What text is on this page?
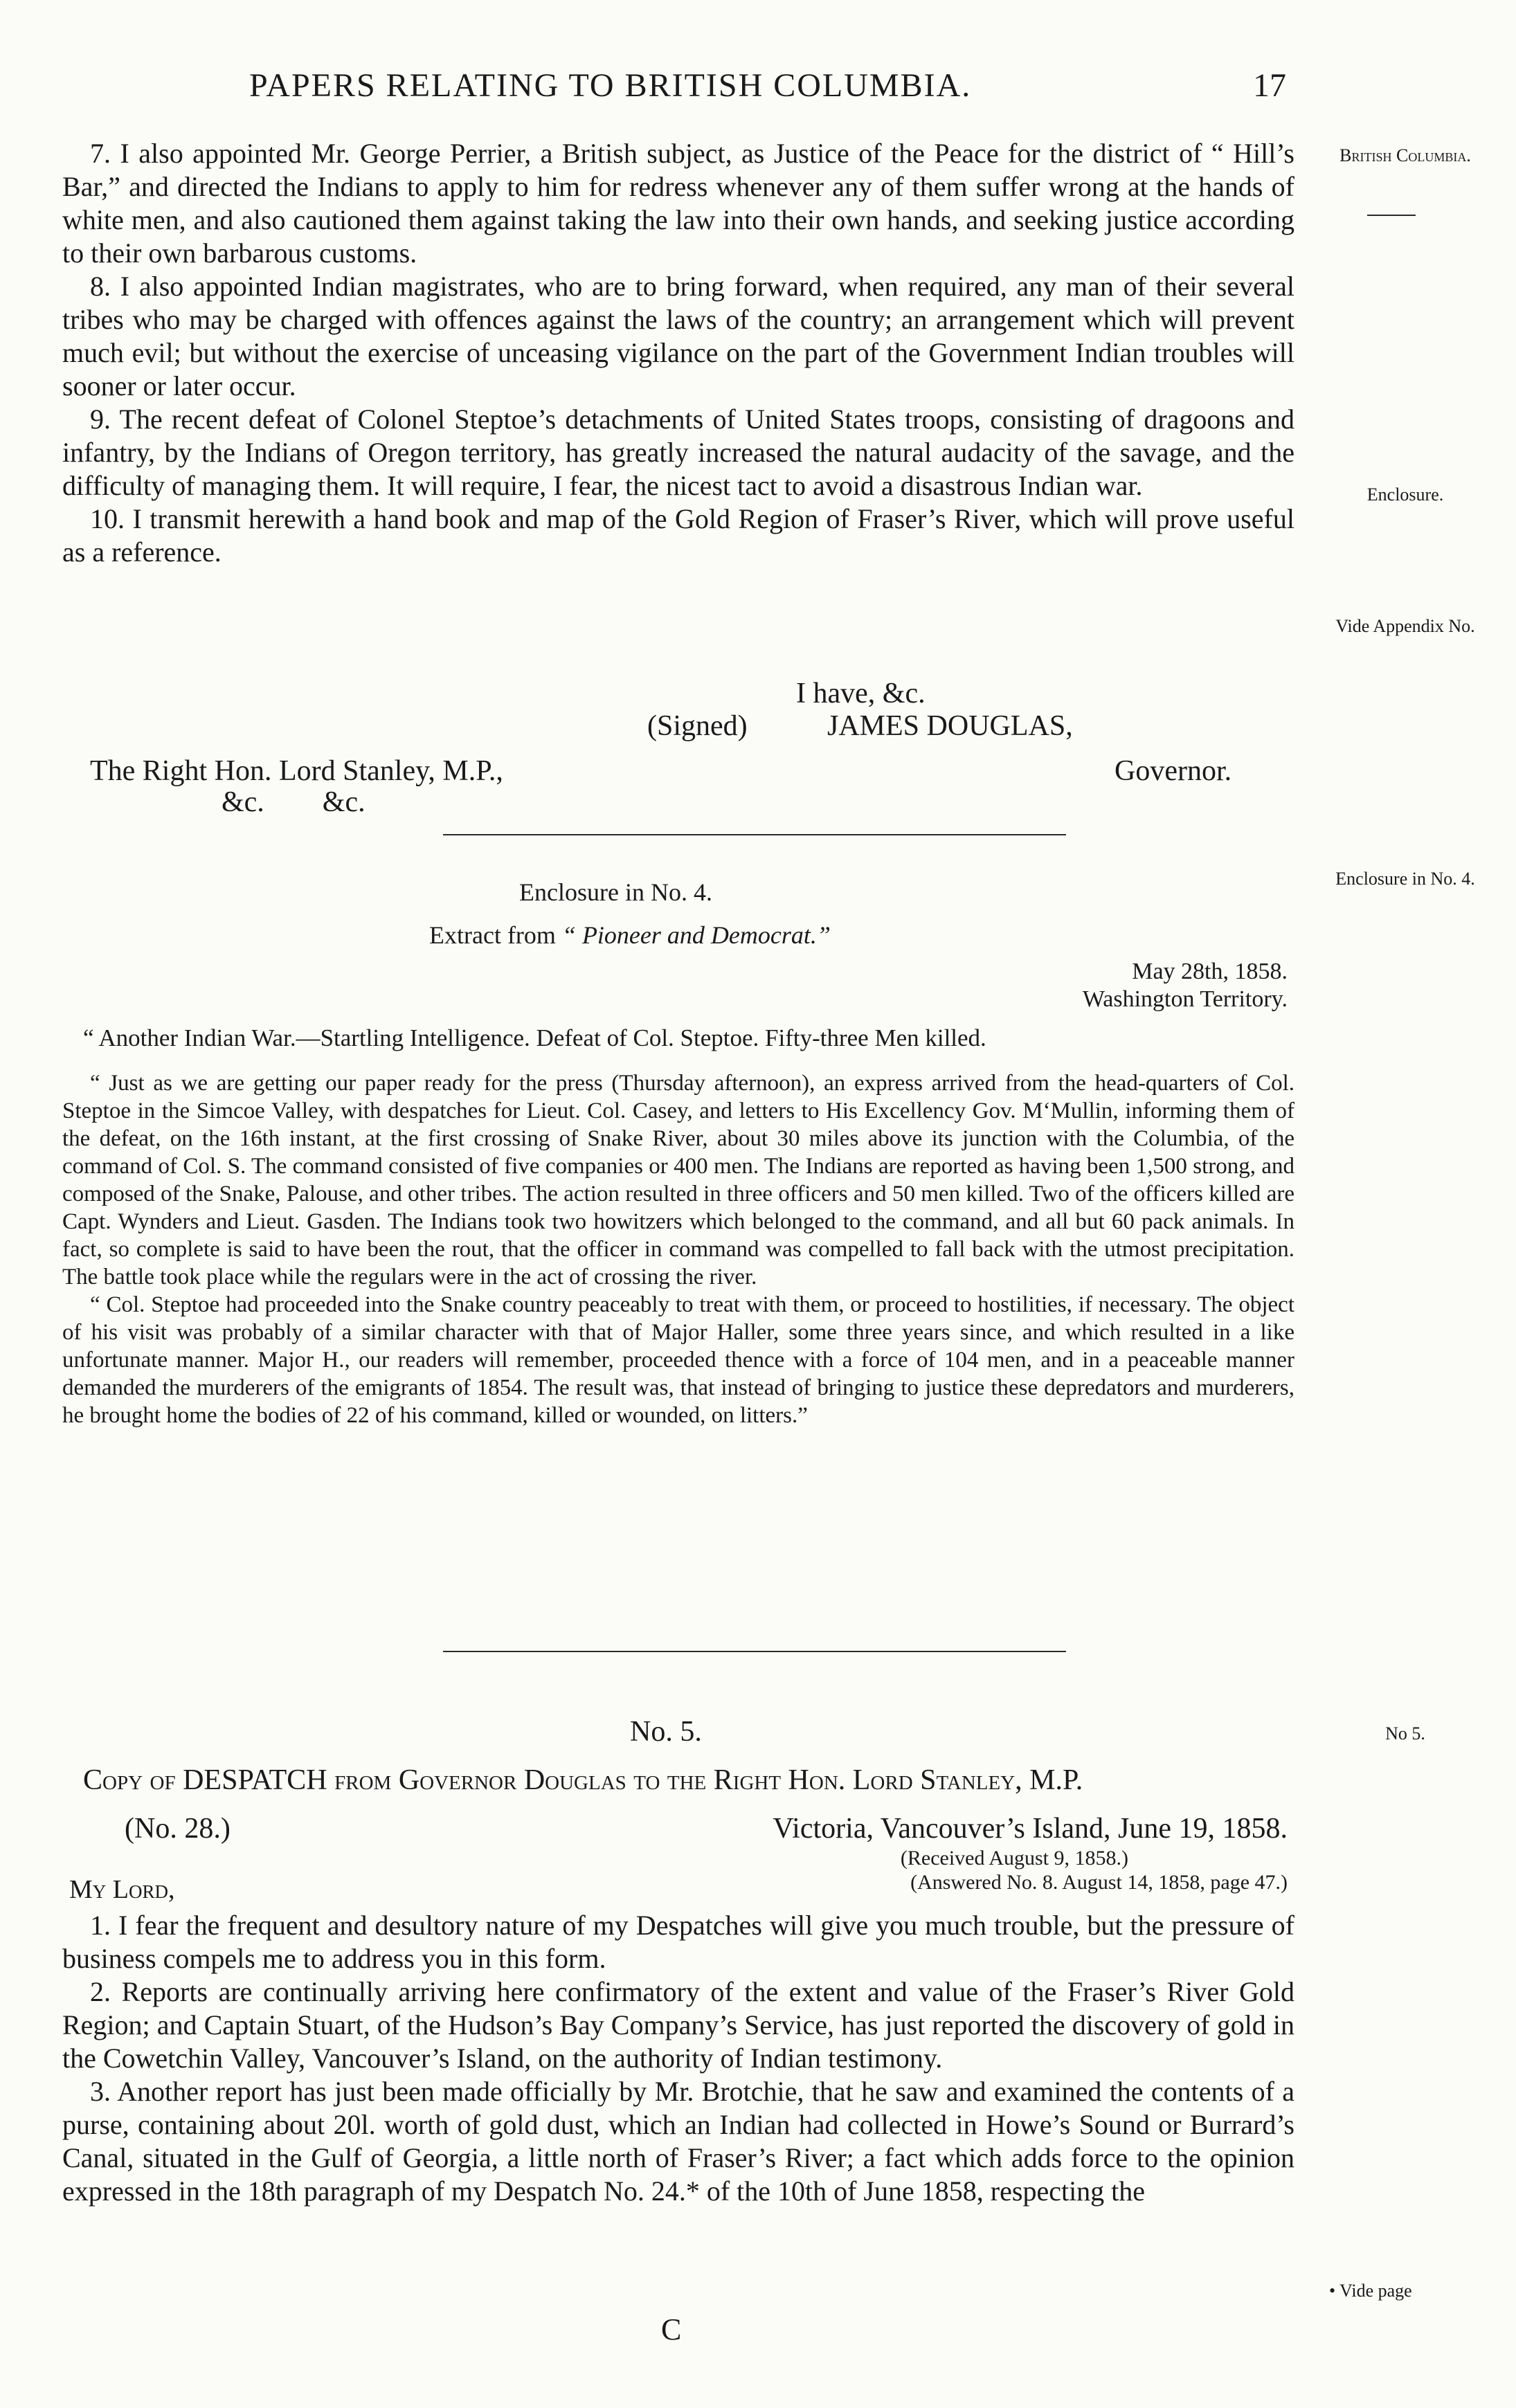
PAPERS RELATING TO BRITISH COLUMBIA.	17

7. I also appointed Mr. George Perrier, a British subject, as Justice of the Peace for the district of “ Hill’s Bar,” and directed the Indians to apply to him for redress whenever any of them suffer wrong at the hands of white men, and also cautioned them against taking the law into their own hands, and seeking justice according to their own barbarous customs.

8. I also appointed Indian magistrates, who are to bring forward, when required, any man of their several tribes who may be charged with offences against the laws of the country; an arrangement which will prevent much evil; but without the exercise of unceasing vigilance on the part of the Government Indian troubles will sooner or later occur.

9. The recent defeat of Colonel Steptoe’s detachments of United States troops, consisting of dragoons and infantry, by the Indians of Oregon territory, has greatly increased the natural audacity of the savage, and the difficulty of managing them. It will require, I fear, the nicest tact to avoid a disastrous Indian war.

10. I transmit herewith a hand book and map of the Gold Region of Fraser’s River, which will prove useful as a reference.

British Columbia.
Enclosure.
Vide Appendix No.
I have, &c.
(Signed)	JAMES DOUGLAS,
The Right Hon. Lord Stanley, M.P.,	Governor.
&c.        &c.
Enclosure in No. 4.	Enclosure in No. 4.
Extract from “ Pioneer and Democrat.”
May 28th, 1858.
Washington Territory.
“ Another Indian War.—Startling Intelligence. Defeat of Col. Steptoe. Fifty-three Men killed.

“ Just as we are getting our paper ready for the press (Thursday afternoon), an express arrived from the head-quarters of Col. Steptoe in the Simcoe Valley, with despatches for Lieut. Col. Casey, and letters to His Excellency Gov. M‘Mullin, informing them of the defeat, on the 16th instant, at the first crossing of Snake River, about 30 miles above its junction with the Columbia, of the command of Col. S. The command consisted of five companies or 400 men. The Indians are reported as having been 1,500 strong, and composed of the Snake, Palouse, and other tribes. The action resulted in three officers and 50 men killed. Two of the officers killed are Capt. Wynders and Lieut. Gasden. The Indians took two howitzers which belonged to the command, and all but 60 pack animals. In fact, so complete is said to have been the rout, that the officer in command was compelled to fall back with the utmost precipitation. The battle took place while the regulars were in the act of crossing the river.

“ Col. Steptoe had proceeded into the Snake country peaceably to treat with them, or proceed to hostilities, if necessary. The object of his visit was probably of a similar character with that of Major Haller, some three years since, and which resulted in a like unfortunate manner. Major H., our readers will remember, proceeded thence with a force of 104 men, and in a peaceable manner demanded the murderers of the emigrants of 1854. The result was, that instead of bringing to justice these depredators and murderers, he brought home the bodies of 22 of his command, killed or wounded, on litters.”

No. 5.	No 5.
Copy of DESPATCH from Governor Douglas to the Right Hon. Lord Stanley, M.P.
(No. 28.)	Victoria, Vancouver’s Island, June 19, 1858.
(Received August 9, 1858.)
(Answered No. 8. August 14, 1858, page 47.)
My Lord,

1. I fear the frequent and desultory nature of my Despatches will give you much trouble, but the pressure of business compels me to address you in this form.

2. Reports are continually arriving here confirmatory of the extent and value of the Fraser’s River Gold Region; and Captain Stuart, of the Hudson’s Bay Company’s Service, has just reported the discovery of gold in the Cowetchin Valley, Vancouver’s Island, on the authority of Indian testimony.

3. Another report has just been made officially by Mr. Brotchie, that he saw and examined the contents of a purse, containing about 20l. worth of gold dust, which an Indian had collected in Howe’s Sound or Burrard’s Canal, situated in the Gulf of Georgia, a little north of Fraser’s River; a fact which adds force to the opinion expressed in the 18th paragraph of my Despatch No. 24.* of the 10th of June 1858, respecting the

• Vide page
C
